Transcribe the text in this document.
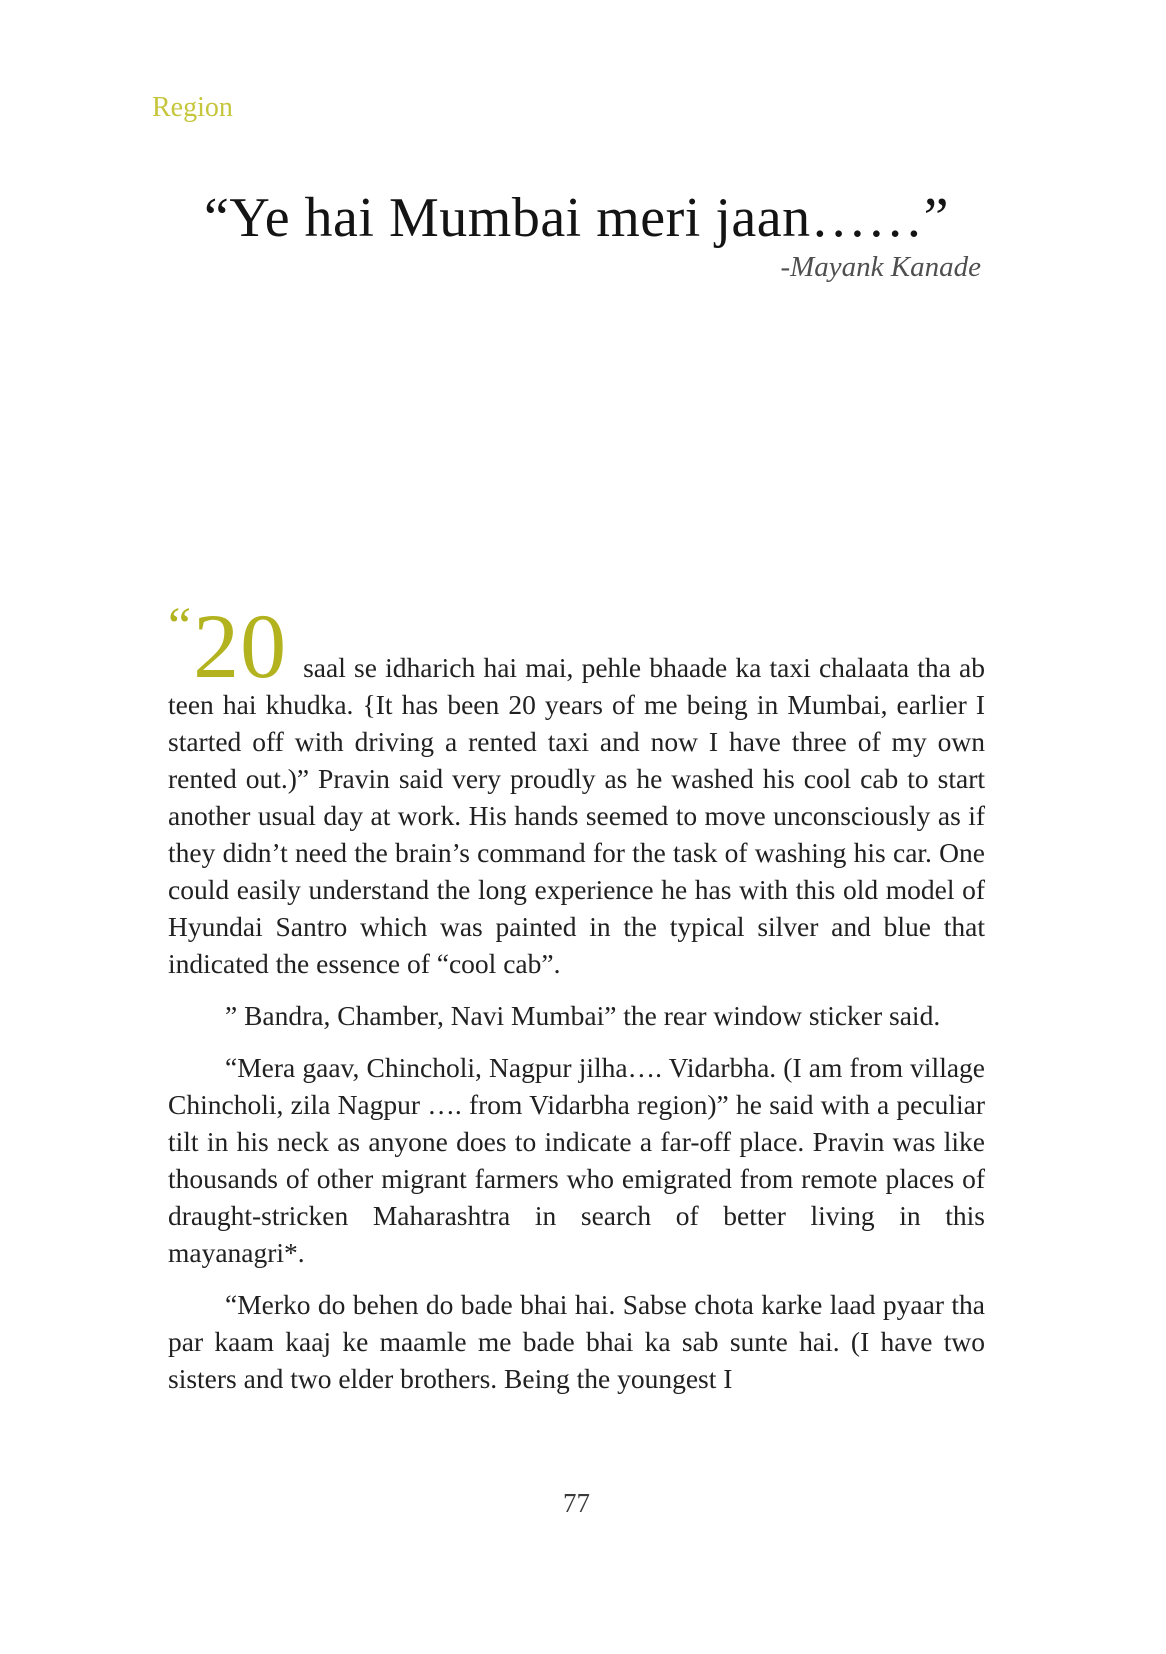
Region
“Ye hai Mumbai meri jaan……”
-Mayank Kanade

“20 saal se idharich hai mai, pehle bhaade ka taxi chalaata tha ab teen hai khudka. {It has been 20 years of me being in Mumbai, earlier I started off with driving a rented taxi and now I have three of my own rented out.)” Pravin said very proudly as he washed his cool cab to start another usual day at work. His hands seemed to move unconsciously as if they didn’t need the brain’s command for the task of washing his car. One could easily understand the long experience he has with this old model of Hyundai Santro which was painted in the typical silver and blue that indicated the essence of “cool cab”.

” Bandra, Chamber, Navi Mumbai” the rear window sticker said.

“Mera gaav, Chincholi, Nagpur jilha…. Vidarbha. (I am from village Chincholi, zila Nagpur …. from Vidarbha region)” he said with a peculiar tilt in his neck as anyone does to indicate a far-off place. Pravin was like thousands of other migrant farmers who emigrated from remote places of draught-stricken Maharashtra in search of better living in this mayanagri*.

“Merko do behen do bade bhai hai. Sabse chota karke laad pyaar tha par kaam kaaj ke maamle me bade bhai ka sab sunte hai. (I have two sisters and two elder brothers. Being the youngest I

77
